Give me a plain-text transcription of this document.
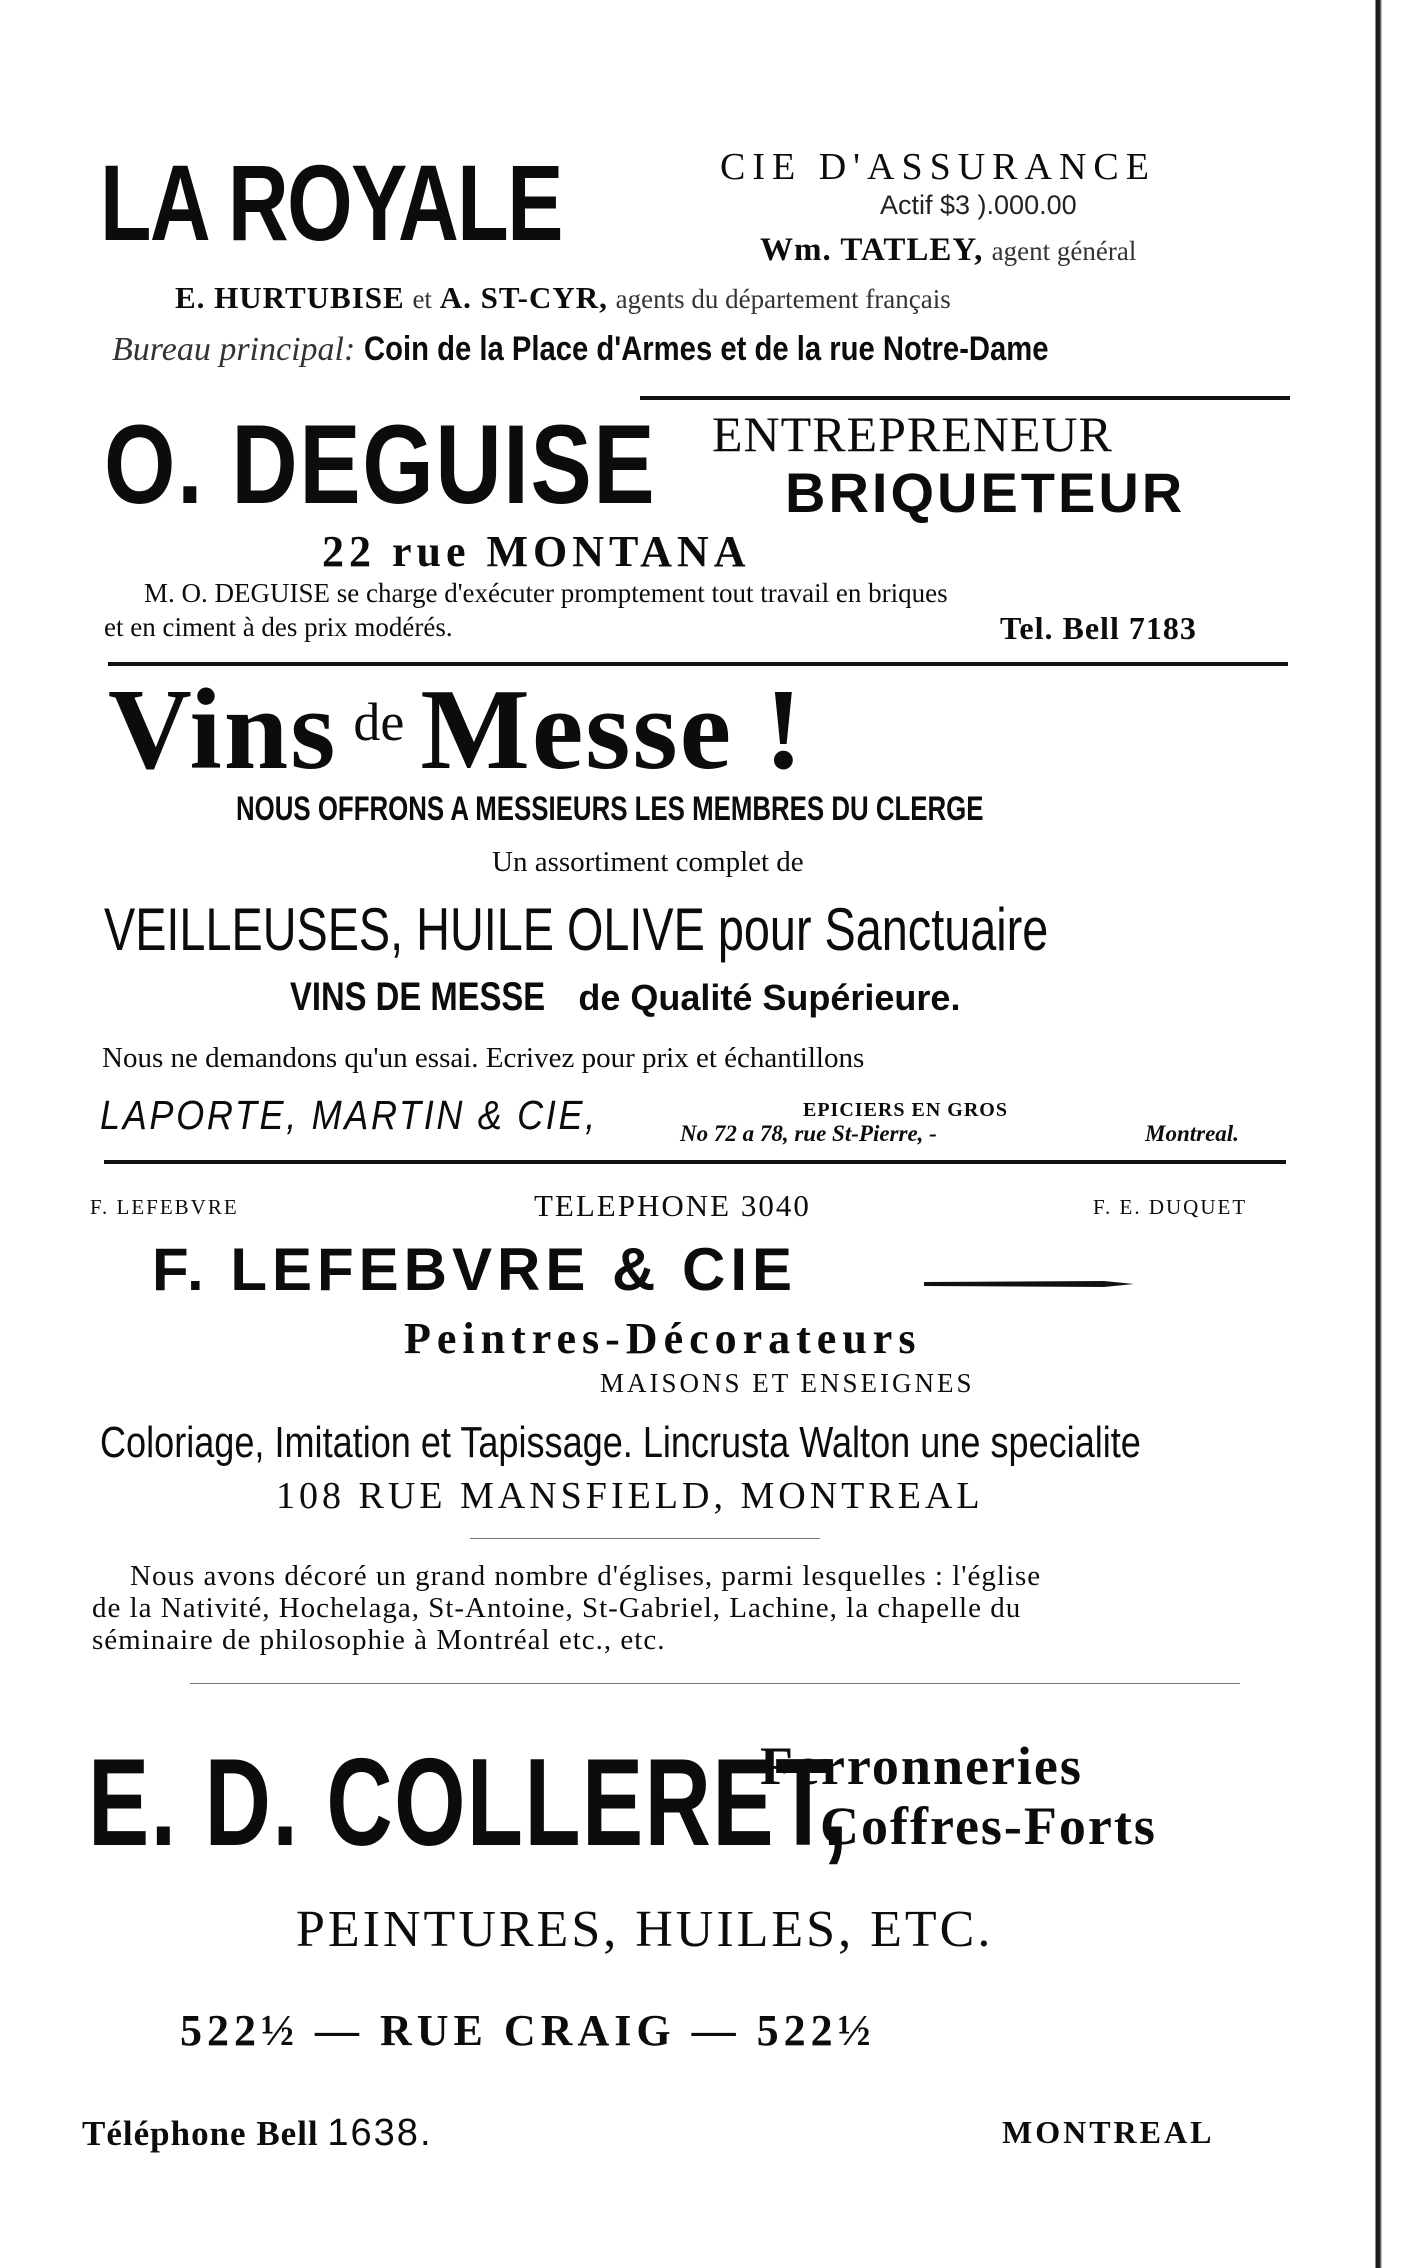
LA ROYALE	CIE D'ASSURANCE
Actif $3 ).000.00
Wm. TATLEY, agent général
E. HURTUBISE et A. ST-CYR, agents du département français
Bureau principal: Coin de la Place d'Armes et de la rue Notre-Dame
O. DEGUISE ENTREPRENEUR
BRIQUETEUR
22 rue MONTANA
M. O. DEGUISE se charge d'exécuter promptement tout travail en briques
et en ciment à des prix modérés.	Tel. Bell 7183
Vins $^{de}$ Messe !
NOUS OFFRONS A MESSIEURS LES MEMBRES DU CLERGE
Un assortiment complet de
VEILLEUSES, HUILE OLIVE pour Sanctuaire
VINS DE MESSE de Qualité Supérieure.
Nous ne demandons qu'un essai. Ecrivez pour prix et échantillons
LAPORTE, MARTIN & CIE,	EPICIERS EN GROS
No 72 a 78, rue St-Pierre, -	Montreal.
F. LEFEBVRE	TELEPHONE 3040	F. E. DUQUET
F. LEFEBVRE & CIE
Peintres-Décorateurs
MAISONS ET ENSEIGNES
Coloriage, Imitation et Tapissage. Lincrusta Walton une specialite
108 RUE MANSFIELD, MONTREAL
Nous avons décoré un grand nombre d'églises, parmi lesquelles : l'église
de la Nativité, Hochelaga, St-Antoine, St-Gabriel, Lachine, la chapelle du
séminaire de philosophie à Montréal etc., etc.
E. D. COLLERET,
Ferronneries
Coffres-Forts
PEINTURES, HUILES, ETC.
522½ — RUE CRAIG — 522½
Téléphone Bell 1638.	MONTREAL
